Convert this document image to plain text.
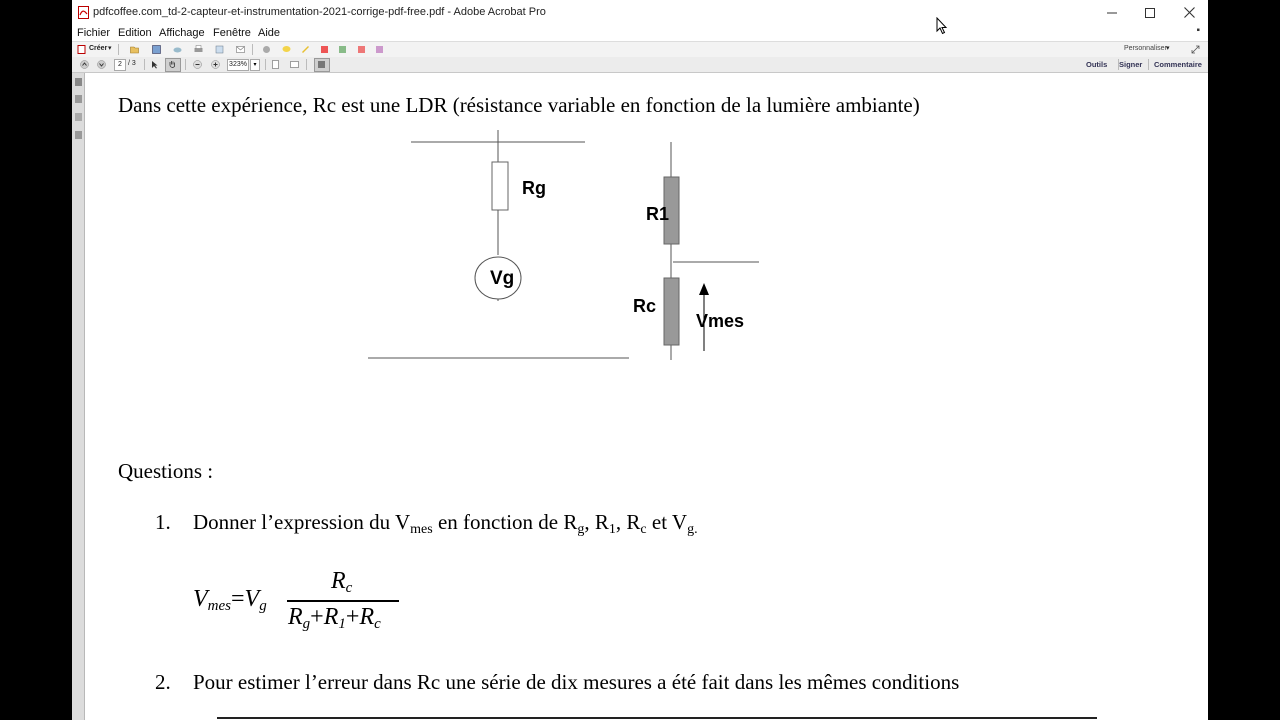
pdfcoffee.com_td-2-capteur-et-instrumentation-2021-corrige-pdf-free.pdf - Adobe Acrobat Pro
Fichier Edition Affichage Fenêtre Aide	▪
Créer ▾	Personnaliser ▾
2 / 3	323%	▾	Outils Signer Commentaire
Dans cette expérience, Rc est une LDR (résistance variable en fonction de la lumière ambiante)
Rg
Vg
R1
Rc
Vmes
Questions :
1. Donner l’expression du $V_{mes}$ en fonction de $R_g$, $R_1$, $R_c$ et $V_{g.}$
$V_{mes}=V_g$
$R_c$
$R_g+R_1+R_c$
2. Pour estimer l’erreur dans Rc une série de dix mesures a été fait dans les mêmes conditions
